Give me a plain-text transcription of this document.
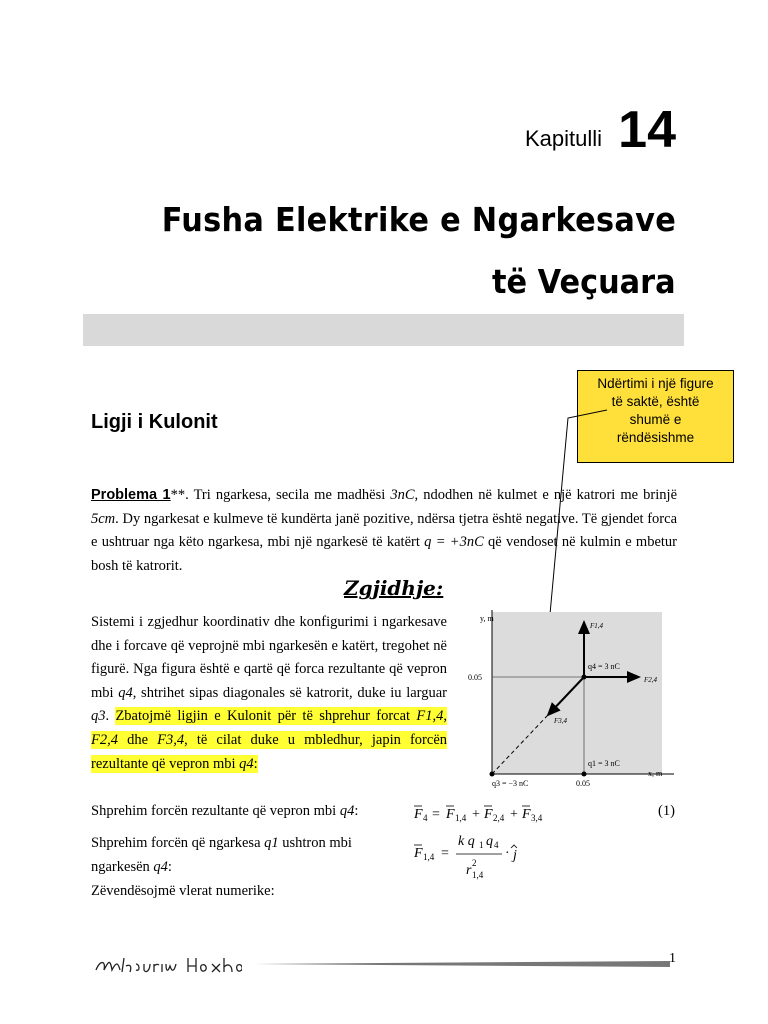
Kapitulli 14
Fusha Elektrike e Ngarkesave
të Veçuara
Ndërtimi i një figure
të saktë, është
shumë e
rëndësishme
Ligji i Kulonit
Problema 1**. Tri ngarkesa, secila me madhësi 3nC, ndodhen në kulmet e një katrori me brinjë 5cm. Dy ngarkesat e kulmeve të kundërta janë pozitive, ndërsa tjetra është negative. Të gjendet forca e ushtruar nga këto ngarkesa, mbi një ngarkesë të katërt q = +3nC që vendoset në kulmin e mbetur bosh të katrorit.
Zgjidhje:
Sistemi i zgjedhur koordinativ dhe konfigurimi i ngarkesave dhe i forcave që veprojnë mbi ngarkesën e katërt, tregohet në figurë. Nga figura është e qartë që forca rezultante që vepron mbi q4, shtrihet sipas diagonales së katrorit, duke iu larguar q3. Zbatojmë ligjin e Kulonit për të shprehur forcat F1,4, F2,4 dhe F3,4, të cilat duke u mbledhur, japin forcën rezultante që vepron mbi q4:
y, m
x, m
0.05
0.05
q4 = 3 nC
q1 = 3 nC
q3 = −3 nC
F1,4
F2,4
F3,4
Shprehim forcën rezultante që vepron mbi q4:
Shprehim forcën që ngarkesa q1 ushtron mbi ngarkesën q4:
Zëvendësojmë vlerat numerike:
F 4 = F 1,4 + F 2,4 + F 3,4	(1)
F 1,4 =
k q 1 q 4
r 2
1,4
· j
1
